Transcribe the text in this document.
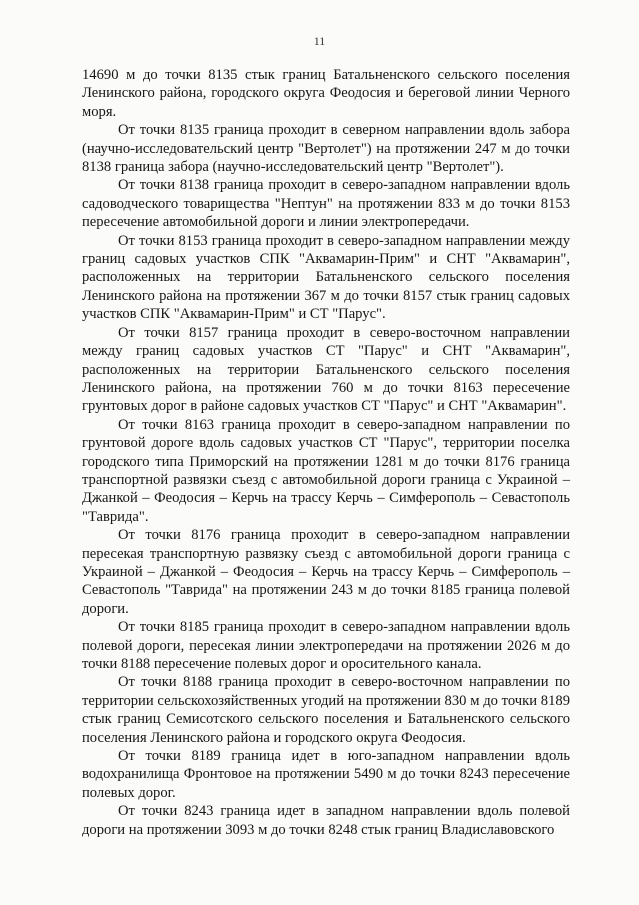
11

14690 м до точки 8135 стык границ Батальненского сельского поселения Ленинского района, городского округа Феодосия и береговой линии Черного моря.

От точки 8135 граница проходит в северном направлении вдоль забора (научно-исследовательский центр "Вертолет") на протяжении 247 м до точки 8138 граница забора (научно-исследовательский центр "Вертолет").

От точки 8138 граница проходит в северо-западном направлении вдоль садоводческого товарищества "Нептун" на протяжении 833 м до точки 8153 пересечение автомобильной дороги и линии электропередачи.

От точки 8153 граница проходит в северо-западном направлении между границ садовых участков СПК "Аквамарин-Прим" и СНТ "Аквамарин", расположенных на территории Батальненского сельского поселения Ленинского района на протяжении 367 м до точки 8157 стык границ садовых участков СПК "Аквамарин-Прим" и СТ "Парус".

От точки 8157 граница проходит в северо-восточном направлении между границ садовых участков СТ "Парус" и СНТ "Аквамарин", расположенных на территории Батальненского сельского поселения Ленинского района, на протяжении 760 м до точки 8163 пересечение грунтовых дорог в районе садовых участков СТ "Парус" и СНТ "Аквамарин".

От точки 8163 граница проходит в северо-западном направлении по грунтовой дороге вдоль садовых участков СТ "Парус", территории поселка городского типа Приморский на протяжении 1281 м до точки 8176 граница транспортной развязки съезд с автомобильной дороги граница с Украиной – Джанкой – Феодосия – Керчь на трассу Керчь – Симферополь – Севастополь "Таврида".

От точки 8176 граница проходит в северо-западном направлении пересекая транспортную развязку съезд с автомобильной дороги граница с Украиной – Джанкой – Феодосия – Керчь на трассу Керчь – Симферополь – Севастополь "Таврида" на протяжении 243 м до точки 8185 граница полевой дороги.

От точки 8185 граница проходит в северо-западном направлении вдоль полевой дороги, пересекая линии электропередачи на протяжении 2026 м до точки 8188 пересечение полевых дорог и оросительного канала.

От точки 8188 граница проходит в северо-восточном направлении по территории сельскохозяйственных угодий на протяжении 830 м до точки 8189 стык границ Семисотского сельского поселения и Батальненского сельского поселения Ленинского района и городского округа Феодосия.

От точки 8189 граница идет в юго-западном направлении вдоль водохранилища Фронтовое на протяжении 5490 м до точки 8243 пересечение полевых дорог.

От точки 8243 граница идет в западном направлении вдоль полевой дороги на протяжении 3093 м до точки 8248 стык границ Владиславовского
